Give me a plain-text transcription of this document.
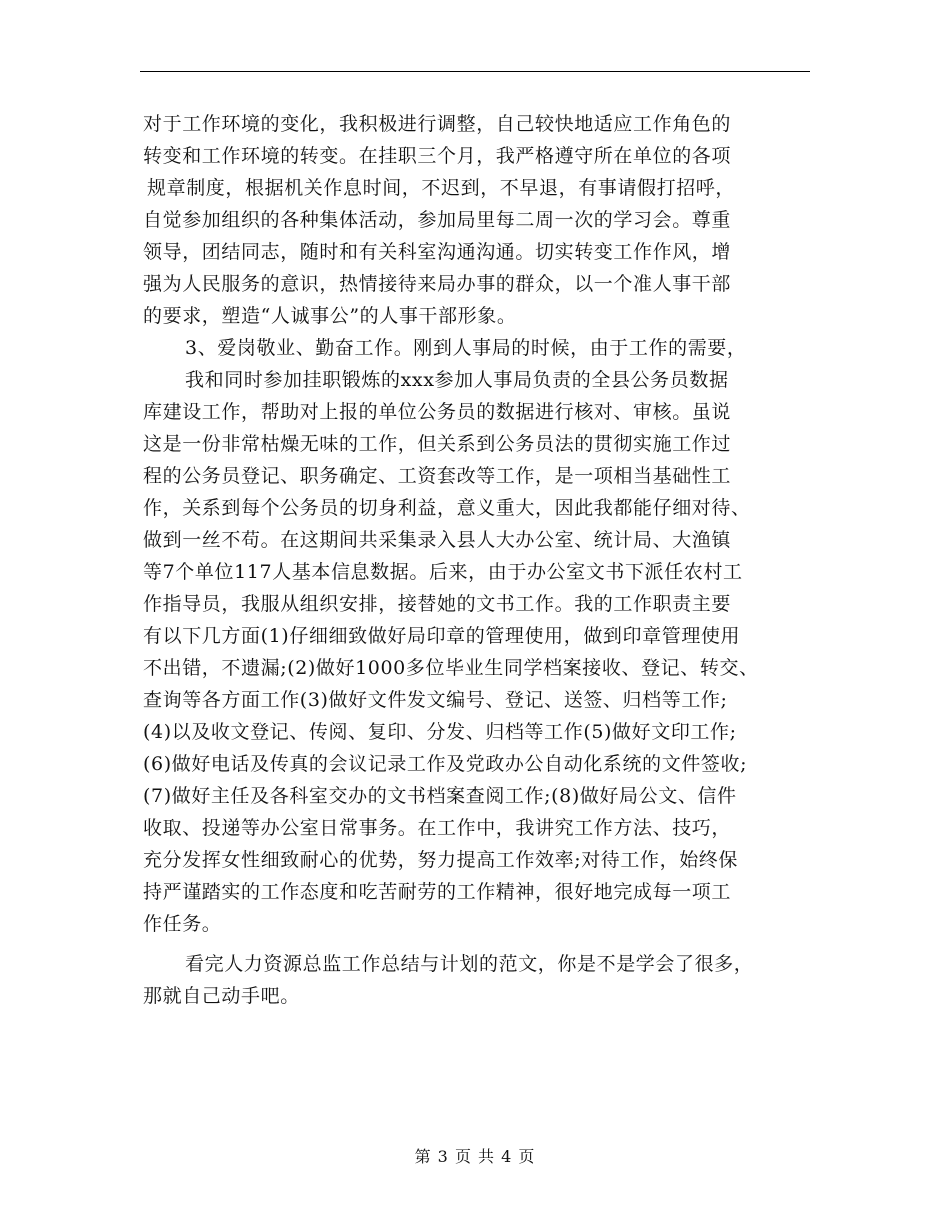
对于工作环境的变化，我积极进行调整，自己较快地适应工作角色的
转变和工作环境的转变。在挂职三个月，我严格遵守所在单位的各项
规章制度，根据机关作息时间，不迟到，不早退，有事请假打招呼，
自觉参加组织的各种集体活动，参加局里每二周一次的学习会。尊重
领导，团结同志，随时和有关科室沟通沟通。切实转变工作作风，增
强为人民服务的意识，热情接待来局办事的群众，以一个准人事干部
的要求，塑造“人诚事公”的人事干部形象。
3、爱岗敬业、勤奋工作。刚到人事局的时候，由于工作的需要，
我和同时参加挂职锻炼的xxx参加人事局负责的全县公务员数据
库建设工作，帮助对上报的单位公务员的数据进行核对、审核。虽说
这是一份非常枯燥无味的工作，但关系到公务员法的贯彻实施工作过
程的公务员登记、职务确定、工资套改等工作，是一项相当基础性工
作，关系到每个公务员的切身利益，意义重大，因此我都能仔细对待、
做到一丝不苟。在这期间共采集录入县人大办公室、统计局、大渔镇
等7个单位117人基本信息数据。后来，由于办公室文书下派任农村工
作指导员，我服从组织安排，接替她的文书工作。我的工作职责主要
有以下几方面(1)仔细细致做好局印章的管理使用，做到印章管理使用
不出错，不遗漏;(2)做好1000多位毕业生同学档案接收、登记、转交、
查询等各方面工作(3)做好文件发文编号、登记、送签、归档等工作;
(4)以及收文登记、传阅、复印、分发、归档等工作(5)做好文印工作;
(6)做好电话及传真的会议记录工作及党政办公自动化系统的文件签收;
(7)做好主任及各科室交办的文书档案查阅工作;(8)做好局公文、信件
收取、投递等办公室日常事务。在工作中，我讲究工作方法、技巧，
充分发挥女性细致耐心的优势，努力提高工作效率;对待工作，始终保
持严谨踏实的工作态度和吃苦耐劳的工作精神，很好地完成每一项工
作任务。
看完人力资源总监工作总结与计划的范文，你是不是学会了很多，
那就自己动手吧。
第 3 页 共 4 页
